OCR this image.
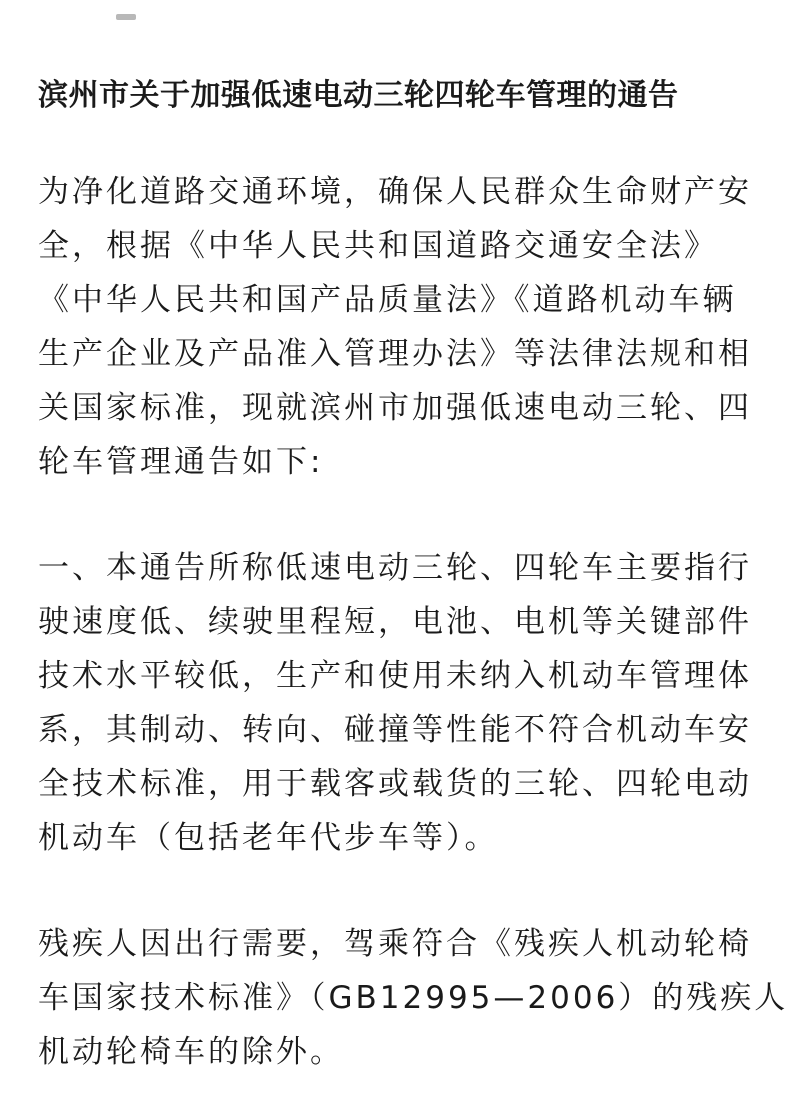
滨州市关于加强低速电动三轮四轮车管理的通告
为净化道路交通环境，确保人民群众生命财产安
全，根据《中华人民共和国道路交通安全法》
《中华人民共和国产品质量法》《道路机动车辆
生产企业及产品准入管理办法》等法律法规和相
关国家标准，现就滨州市加强低速电动三轮、四
轮车管理通告如下:
一、本通告所称低速电动三轮、四轮车主要指行
驶速度低、续驶里程短，电池、电机等关键部件
技术水平较低，生产和使用未纳入机动车管理体
系，其制动、转向、碰撞等性能不符合机动车安
全技术标准，用于载客或载货的三轮、四轮电动
机动车（包括老年代步车等）。
残疾人因出行需要，驾乘符合《残疾人机动轮椅
车国家技术标准》（GB12995—2006）的残疾人
机动轮椅车的除外。
